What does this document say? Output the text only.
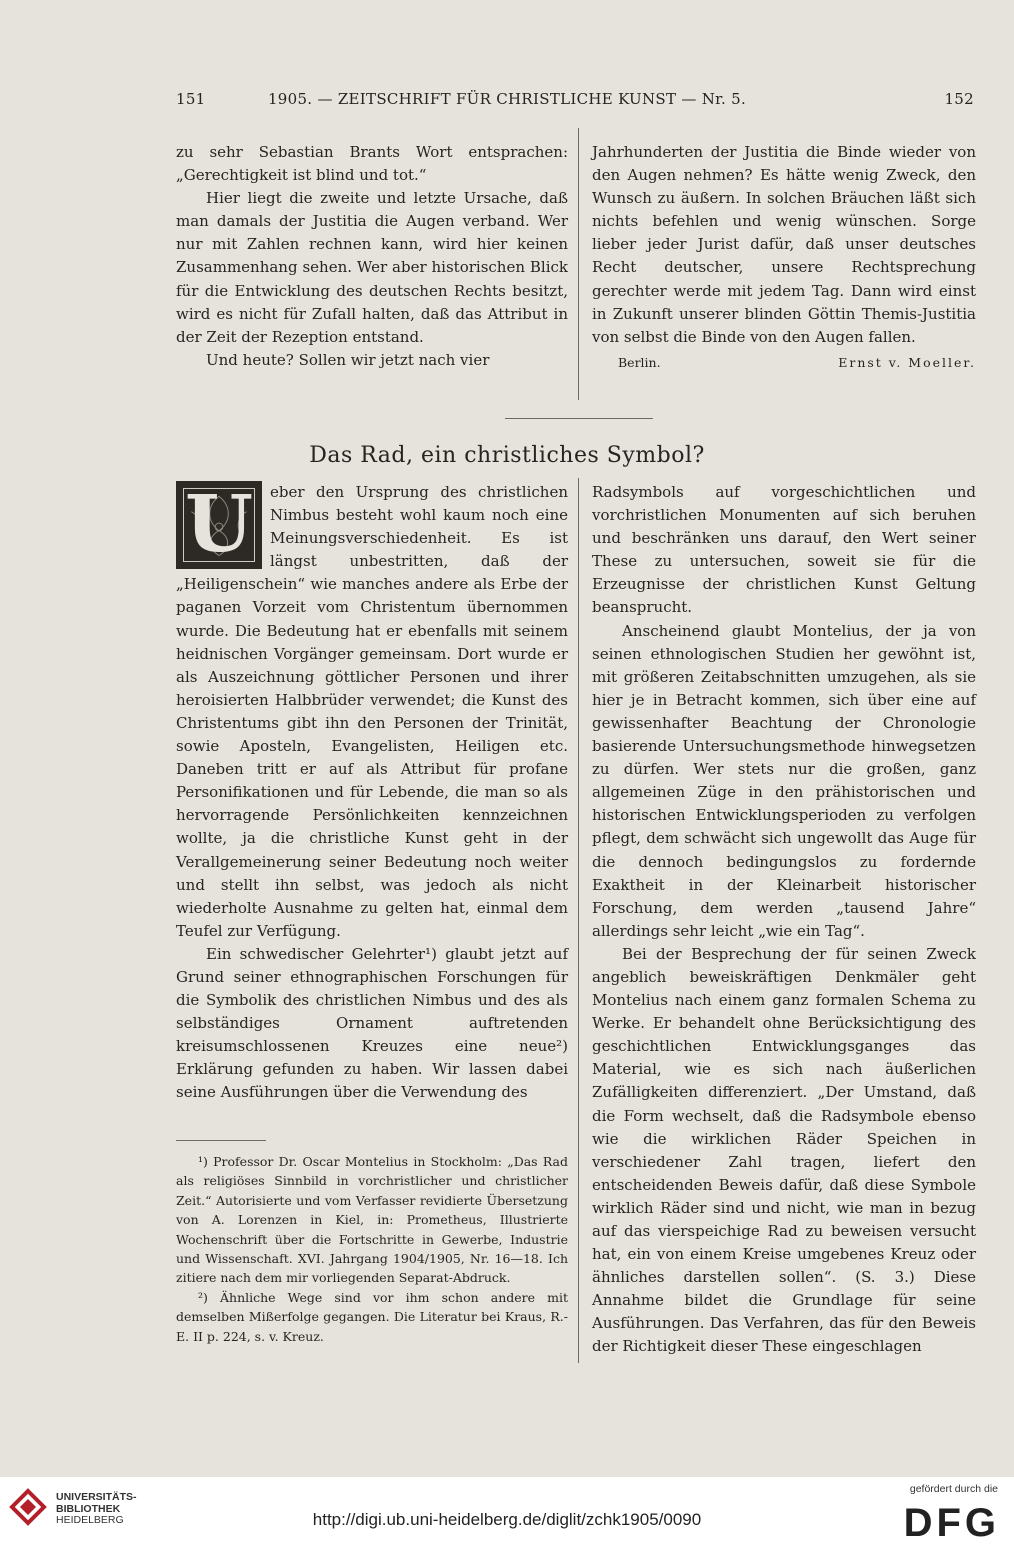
151	1905. — ZEITSCHRIFT FÜR CHRISTLICHE KUNST — Nr. 5.	152

zu sehr Sebastian Brants Wort entsprachen: „Gerechtigkeit ist blind und tot.“

Hier liegt die zweite und letzte Ursache, daß man damals der Justitia die Augen verband. Wer nur mit Zahlen rechnen kann, wird hier keinen Zusammenhang sehen. Wer aber historischen Blick für die Entwicklung des deutschen Rechts besitzt, wird es nicht für Zufall halten, daß das Attribut in der Zeit der Rezeption entstand.

Und heute? Sollen wir jetzt nach vier

Jahrhunderten der Justitia die Binde wieder von den Augen nehmen? Es hätte wenig Zweck, den Wunsch zu äußern. In solchen Bräuchen läßt sich nichts befehlen und wenig wünschen. Sorge lieber jeder Jurist dafür, daß unser deutsches Recht deutscher, unsere Rechtsprechung gerechter werde mit jedem Tag. Dann wird einst in Zukunft unserer blinden Göttin Themis-Justitia von selbst die Binde von den Augen fallen.

Berlin.	Ernst v. Moeller.
Das Rad, ein christliches Symbol?
U	eber den Ursprung des christlichen Nimbus besteht wohl kaum noch eine Meinungsverschiedenheit. Es ist längst unbestritten, daß der „Heiligenschein“ wie manches andere als Erbe der paganen Vorzeit vom Christentum übernommen wurde. Die Bedeutung hat er ebenfalls mit seinem heidnischen Vorgänger gemeinsam. Dort wurde er als Auszeichnung göttlicher Personen und ihrer heroisierten Halbbrüder verwendet; die Kunst des Christentums gibt ihn den Personen der Trinität, sowie Aposteln, Evangelisten, Heiligen etc. Daneben tritt er auf als Attribut für profane Personifikationen und für Lebende, die man so als hervorragende Persönlichkeiten kennzeichnen wollte, ja die christliche Kunst geht in der Verallgemeinerung seiner Bedeutung noch weiter und stellt ihn selbst, was jedoch als nicht wiederholte Ausnahme zu gelten hat, einmal dem Teufel zur Verfügung.

Ein schwedischer Gelehrter¹) glaubt jetzt auf Grund seiner ethnographischen Forschungen für die Symbolik des christlichen Nimbus und des als selbständiges Ornament auftretenden kreisumschlossenen Kreuzes eine neue²) Erklärung gefunden zu haben. Wir lassen dabei seine Ausführungen über die Verwendung des

Radsymbols auf vorgeschichtlichen und vorchristlichen Monumenten auf sich beruhen und beschränken uns darauf, den Wert seiner These zu untersuchen, soweit sie für die Erzeugnisse der christlichen Kunst Geltung beansprucht.

Anscheinend glaubt Montelius, der ja von seinen ethnologischen Studien her gewöhnt ist, mit größeren Zeitabschnitten umzugehen, als sie hier je in Betracht kommen, sich über eine auf gewissenhafter Beachtung der Chronologie basierende Untersuchungsmethode hinwegsetzen zu dürfen. Wer stets nur die großen, ganz allgemeinen Züge in den prähistorischen und historischen Entwicklungsperioden zu verfolgen pflegt, dem schwächt sich ungewollt das Auge für die dennoch bedingungslos zu fordernde Exaktheit in der Kleinarbeit historischer Forschung, dem werden „tausend Jahre“ allerdings sehr leicht „wie ein Tag“.

Bei der Besprechung der für seinen Zweck angeblich beweiskräftigen Denkmäler geht Montelius nach einem ganz formalen Schema zu Werke. Er behandelt ohne Berücksichtigung des geschichtlichen Entwicklungsganges das Material, wie es sich nach äußerlichen Zufälligkeiten differenziert. „Der Umstand, daß die Form wechselt, daß die Radsymbole ebenso wie die wirklichen Räder Speichen in verschiedener Zahl tragen, liefert den entscheidenden Beweis dafür, daß diese Symbole wirklich Räder sind und nicht, wie man in bezug auf das vierspeichige Rad zu beweisen versucht hat, ein von einem Kreise umgebenes Kreuz oder ähnliches darstellen sollen“. (S. 3.) Diese Annahme bildet die Grundlage für seine Ausführungen. Das Verfahren, das für den Beweis der Richtigkeit dieser These eingeschlagen

¹) Professor Dr. Oscar Montelius in Stockholm: „Das Rad als religiöses Sinnbild in vorchristlicher und christlicher Zeit.“ Autorisierte und vom Verfasser revidierte Übersetzung von A. Lorenzen in Kiel, in: Prometheus, Illustrierte Wochenschrift über die Fortschritte in Gewerbe, Industrie und Wissenschaft. XVI. Jahrgang 1904/1905, Nr. 16—18. Ich zitiere nach dem mir vorliegenden Separat-Abdruck.

²) Ähnliche Wege sind vor ihm schon andere mit demselben Mißerfolge gegangen. Die Literatur bei Kraus, R.-E. II p. 224, s. v. Kreuz.

UNIVERSITÄTS-
BIBLIOTHEK
HEIDELBERG	http://digi.ub.uni-heidelberg.de/diglit/zchk1905/0090
gefördert durch die
DFG
